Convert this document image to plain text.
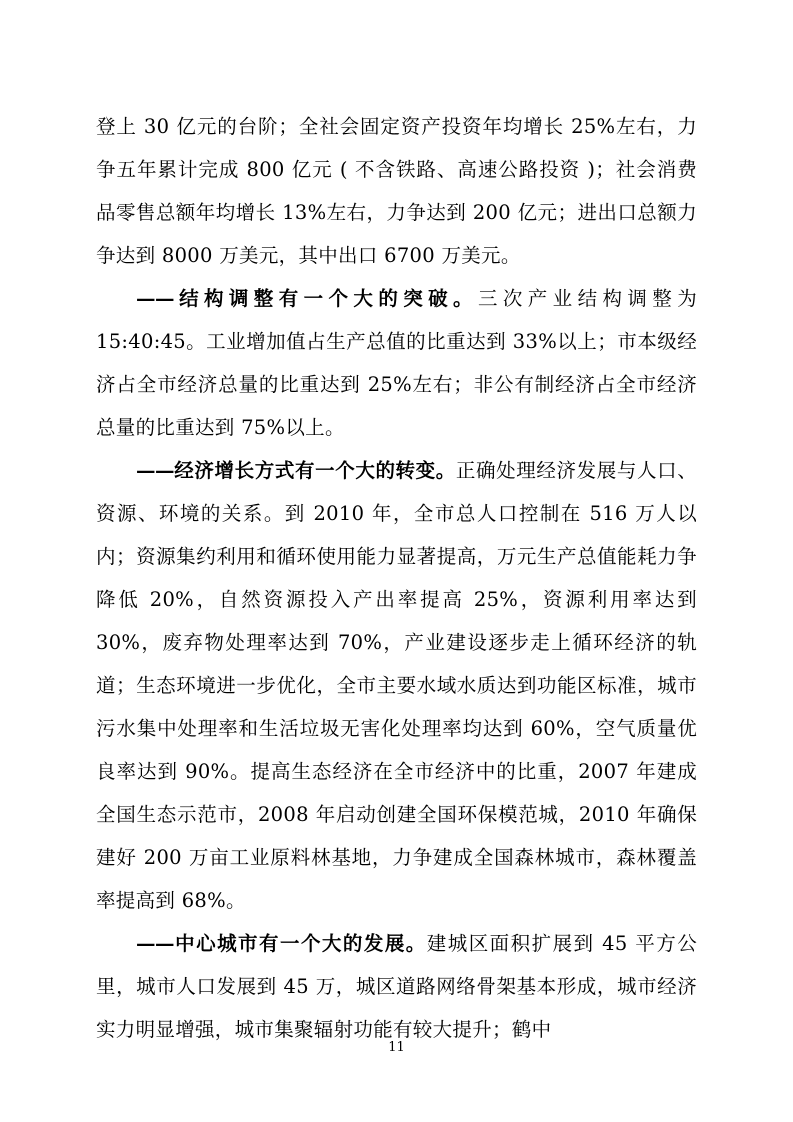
登上 30 亿元的台阶；全社会固定资产投资年均增长 25%左右，力争五年累计完成 800 亿元 ( 不含铁路、高速公路投资 )；社会消费品零售总额年均增长 13%左右，力争达到 200 亿元；进出口总额力争达到 8000 万美元，其中出口 6700 万美元。

——结构调整有一个大的突破。三次产业结构调整为 15:40:45。工业增加值占生产总值的比重达到 33%以上；市本级经济占全市经济总量的比重达到 25%左右；非公有制经济占全市经济总量的比重达到 75%以上。

——经济增长方式有一个大的转变。正确处理经济发展与人口、资源、环境的关系。到 2010 年，全市总人口控制在 516 万人以内；资源集约利用和循环使用能力显著提高，万元生产总值能耗力争降低 20%，自然资源投入产出率提高 25%，资源利用率达到 30%，废弃物处理率达到 70%，产业建设逐步走上循环经济的轨道；生态环境进一步优化，全市主要水域水质达到功能区标准，城市污水集中处理率和生活垃圾无害化处理率均达到 60%，空气质量优良率达到 90%。提高生态经济在全市经济中的比重，2007 年建成全国生态示范市，2008 年启动创建全国环保模范城，2010 年确保建好 200 万亩工业原料林基地，力争建成全国森林城市，森林覆盖率提高到 68%。

——中心城市有一个大的发展。建城区面积扩展到 45 平方公里，城市人口发展到 45 万，城区道路网络骨架基本形成，城市经济实力明显增强，城市集聚辐射功能有较大提升；鹤中

11
